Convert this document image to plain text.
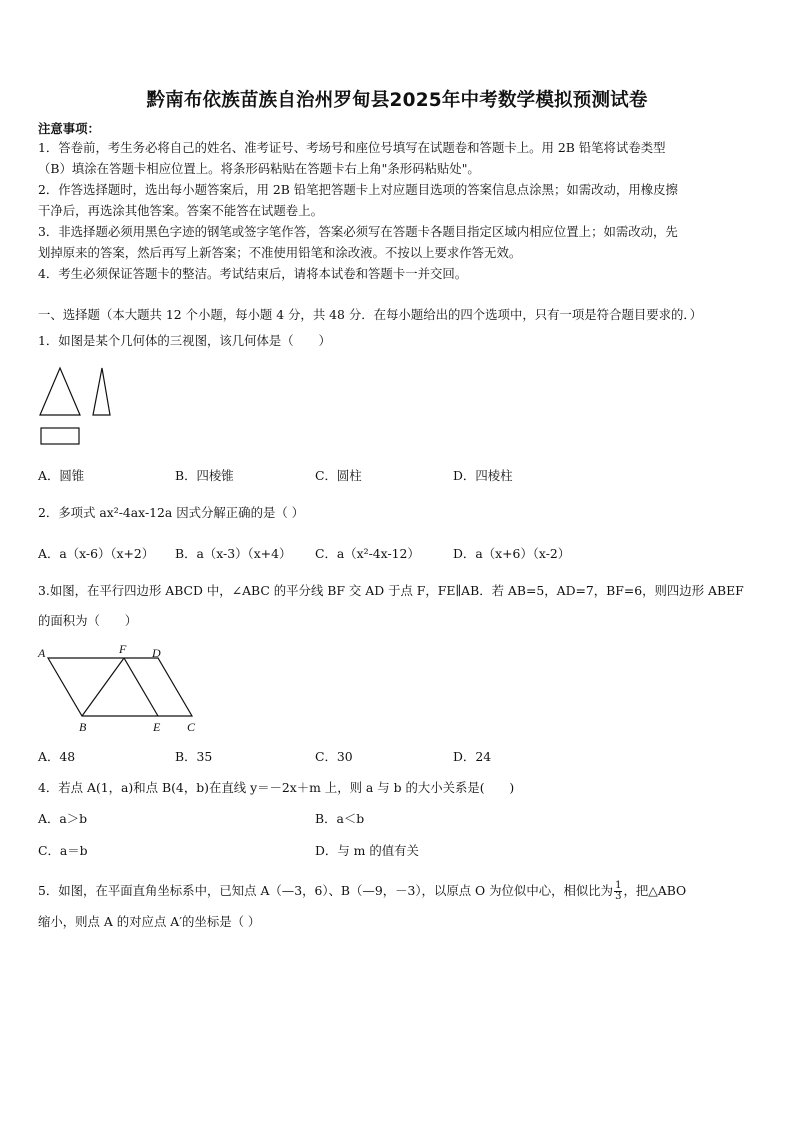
黔南布依族苗族自治州罗甸县2025年中考数学模拟预测试卷
注意事项：
1．答卷前，考生务必将自己的姓名、准考证号、考场号和座位号填写在试题卷和答题卡上。用 2B 铅笔将试卷类型
（B）填涂在答题卡相应位置上。将条形码粘贴在答题卡右上角"条形码粘贴处"。
2．作答选择题时，选出每小题答案后，用 2B 铅笔把答题卡上对应题目选项的答案信息点涂黑；如需改动，用橡皮擦
干净后，再选涂其他答案。答案不能答在试题卷上。
3．非选择题必须用黑色字迹的钢笔或签字笔作答，答案必须写在答题卡各题目指定区域内相应位置上；如需改动，先
划掉原来的答案，然后再写上新答案；不准使用铅笔和涂改液。不按以上要求作答无效。
4．考生必须保证答题卡的整洁。考试结束后，请将本试卷和答题卡一并交回。
一、选择题（本大题共 12 个小题，每小题 4 分，共 48 分．在每小题给出的四个选项中，只有一项是符合题目要求的．）
1．如图是某个几何体的三视图，该几何体是（　　）
A．圆锥	B．四棱锥	C．圆柱	D．四棱柱
2．多项式 ax²-4ax-12a 因式分解正确的是（ ）
A．a（x-6）（x+2） B．a（x-3）（x+4） C．a（x²-4x-12）	D．a（x+6）（x-2）
3.如图，在平行四边形 ABCD 中，∠ABC 的平分线 BF 交 AD 于点 F，FE∥AB．若 AB=5，AD=7，BF=6，则四边形 ABEF
的面积为（　　）
A	F D
B	E C
A．48	B．35	C．30	D．24
4．若点 A(1，a)和点 B(4，b)在直线 y＝－2x＋m 上，则 a 与 b 的大小关系是(　　)
A．a＞b	B．a＜b
C．a＝b	D．与 m 的值有关
5．如图，在平面直角坐标系中，已知点 A（—3，6）、B（—9，－3），以原点 O 为位似中心，相似比为 $\frac{1}{3}$ ，把△ABO
缩小，则点 A 的对应点 A′的坐标是（ ）
